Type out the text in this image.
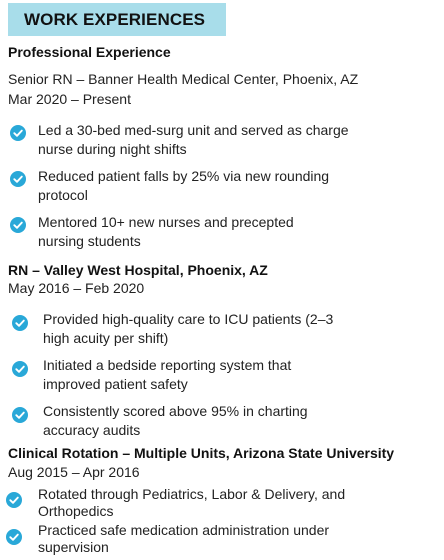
WORK EXPERIENCES
Professional Experience
Senior RN – Banner Health Medical Center, Phoenix, AZ
Mar 2020 – Present
Led a 30-bed med-surg unit and served as charge
nurse during night shifts
Reduced patient falls by 25% via new rounding
protocol
Mentored 10+ new nurses and precepted
nursing students
RN – Valley West Hospital, Phoenix, AZ
May 2016 – Feb 2020
Provided high-quality care to ICU patients (2–3
high acuity per shift)
Initiated a bedside reporting system that
improved patient safety
Consistently scored above 95% in charting
accuracy audits
Clinical Rotation – Multiple Units, Arizona State University
Aug 2015 – Apr 2016
Rotated through Pediatrics, Labor & Delivery, and
Orthopedics
Practiced safe medication administration under
supervision
